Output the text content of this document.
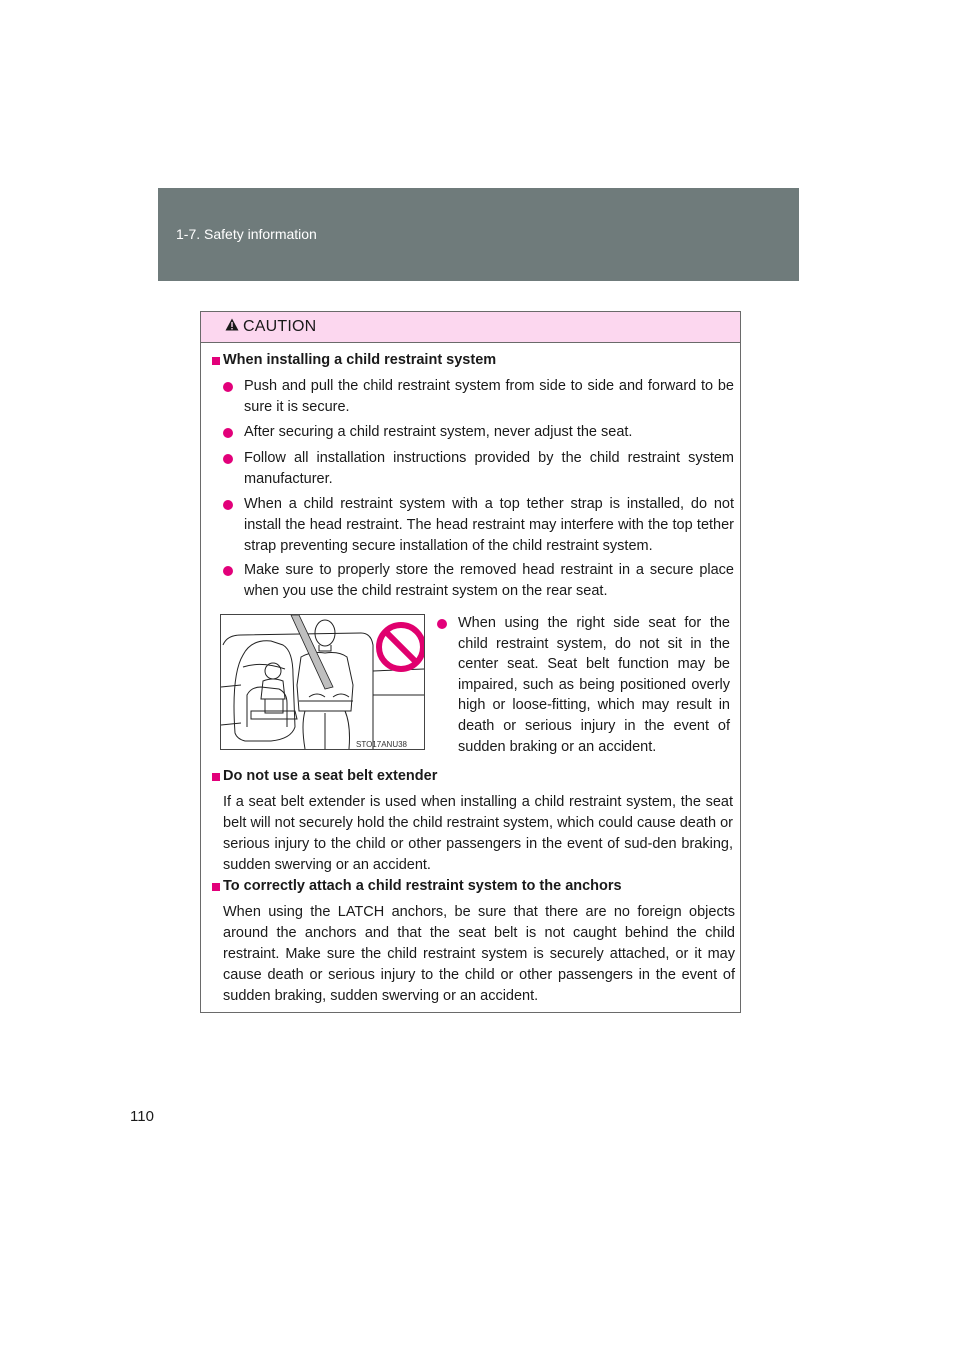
1-7. Safety information
CAUTION
When installing a child restraint system

Push and pull the child restraint system from side to side and forward to be sure it is secure.

After securing a child restraint system, never adjust the seat.

Follow all installation instructions provided by the child restraint system manufacturer.

When a child restraint system with a top tether strap is installed, do not install the head restraint. The head restraint may interfere with the top tether strap preventing secure installation of the child restraint system.

Make sure to properly store the removed head restraint in a secure place when you use the child restraint system on the rear seat.

STO17ANU38

When using the right side seat for the child restraint system, do not sit in the center seat. Seat belt function may be impaired, such as being positioned overly high or loose-fitting, which may result in death or serious injury in the event of sudden braking or an accident.

Do not use a seat belt extender

If a seat belt extender is used when installing a child restraint system, the seat belt will not securely hold the child restraint system, which could cause death or serious injury to the child or other passengers in the event of sud-den braking, sudden swerving or an accident.

To correctly attach a child restraint system to the anchors

When using the LATCH anchors, be sure that there are no foreign objects around the anchors and that the seat belt is not caught behind the child restraint. Make sure the child restraint system is securely attached, or it may cause death or serious injury to the child or other passengers in the event of sudden braking, sudden swerving or an accident.

110
